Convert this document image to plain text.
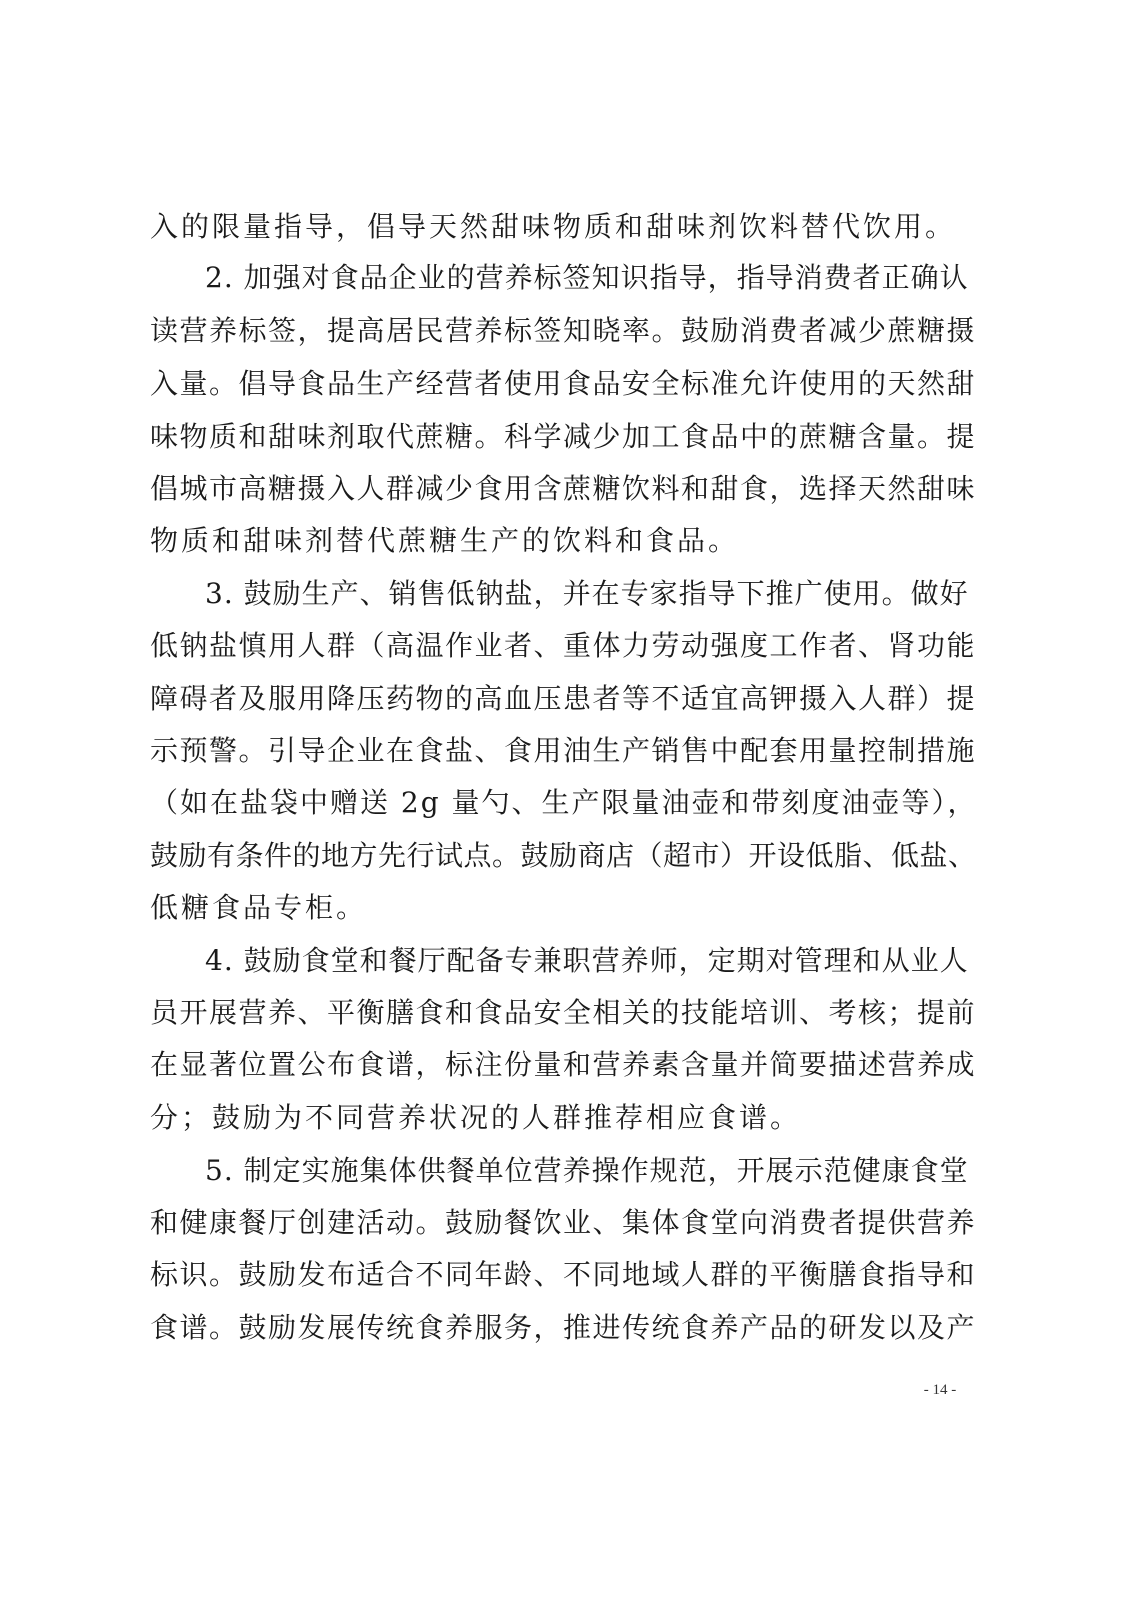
入的限量指导，倡导天然甜味物质和甜味剂饮料替代饮用。
2. 加强对食品企业的营养标签知识指导，指导消费者正确认
读营养标签，提高居民营养标签知晓率。鼓励消费者减少蔗糖摄
入量。倡导食品生产经营者使用食品安全标准允许使用的天然甜
味物质和甜味剂取代蔗糖。科学减少加工食品中的蔗糖含量。提
倡城市高糖摄入人群减少食用含蔗糖饮料和甜食，选择天然甜味
物质和甜味剂替代蔗糖生产的饮料和食品。
3. 鼓励生产、销售低钠盐，并在专家指导下推广使用。做好
低钠盐慎用人群（高温作业者、重体力劳动强度工作者、肾功能
障碍者及服用降压药物的高血压患者等不适宜高钾摄入人群）提
示预警。引导企业在食盐、食用油生产销售中配套用量控制措施
（如在盐袋中赠送 2g 量勺、生产限量油壶和带刻度油壶等），
鼓励有条件的地方先行试点。鼓励商店（超市）开设低脂、低盐、
低糖食品专柜。
4. 鼓励食堂和餐厅配备专兼职营养师，定期对管理和从业人
员开展营养、平衡膳食和食品安全相关的技能培训、考核；提前
在显著位置公布食谱，标注份量和营养素含量并简要描述营养成
分；鼓励为不同营养状况的人群推荐相应食谱。
5. 制定实施集体供餐单位营养操作规范，开展示范健康食堂
和健康餐厅创建活动。鼓励餐饮业、集体食堂向消费者提供营养
标识。鼓励发布适合不同年龄、不同地域人群的平衡膳食指导和
食谱。鼓励发展传统食养服务，推进传统食养产品的研发以及产
- 14 -
